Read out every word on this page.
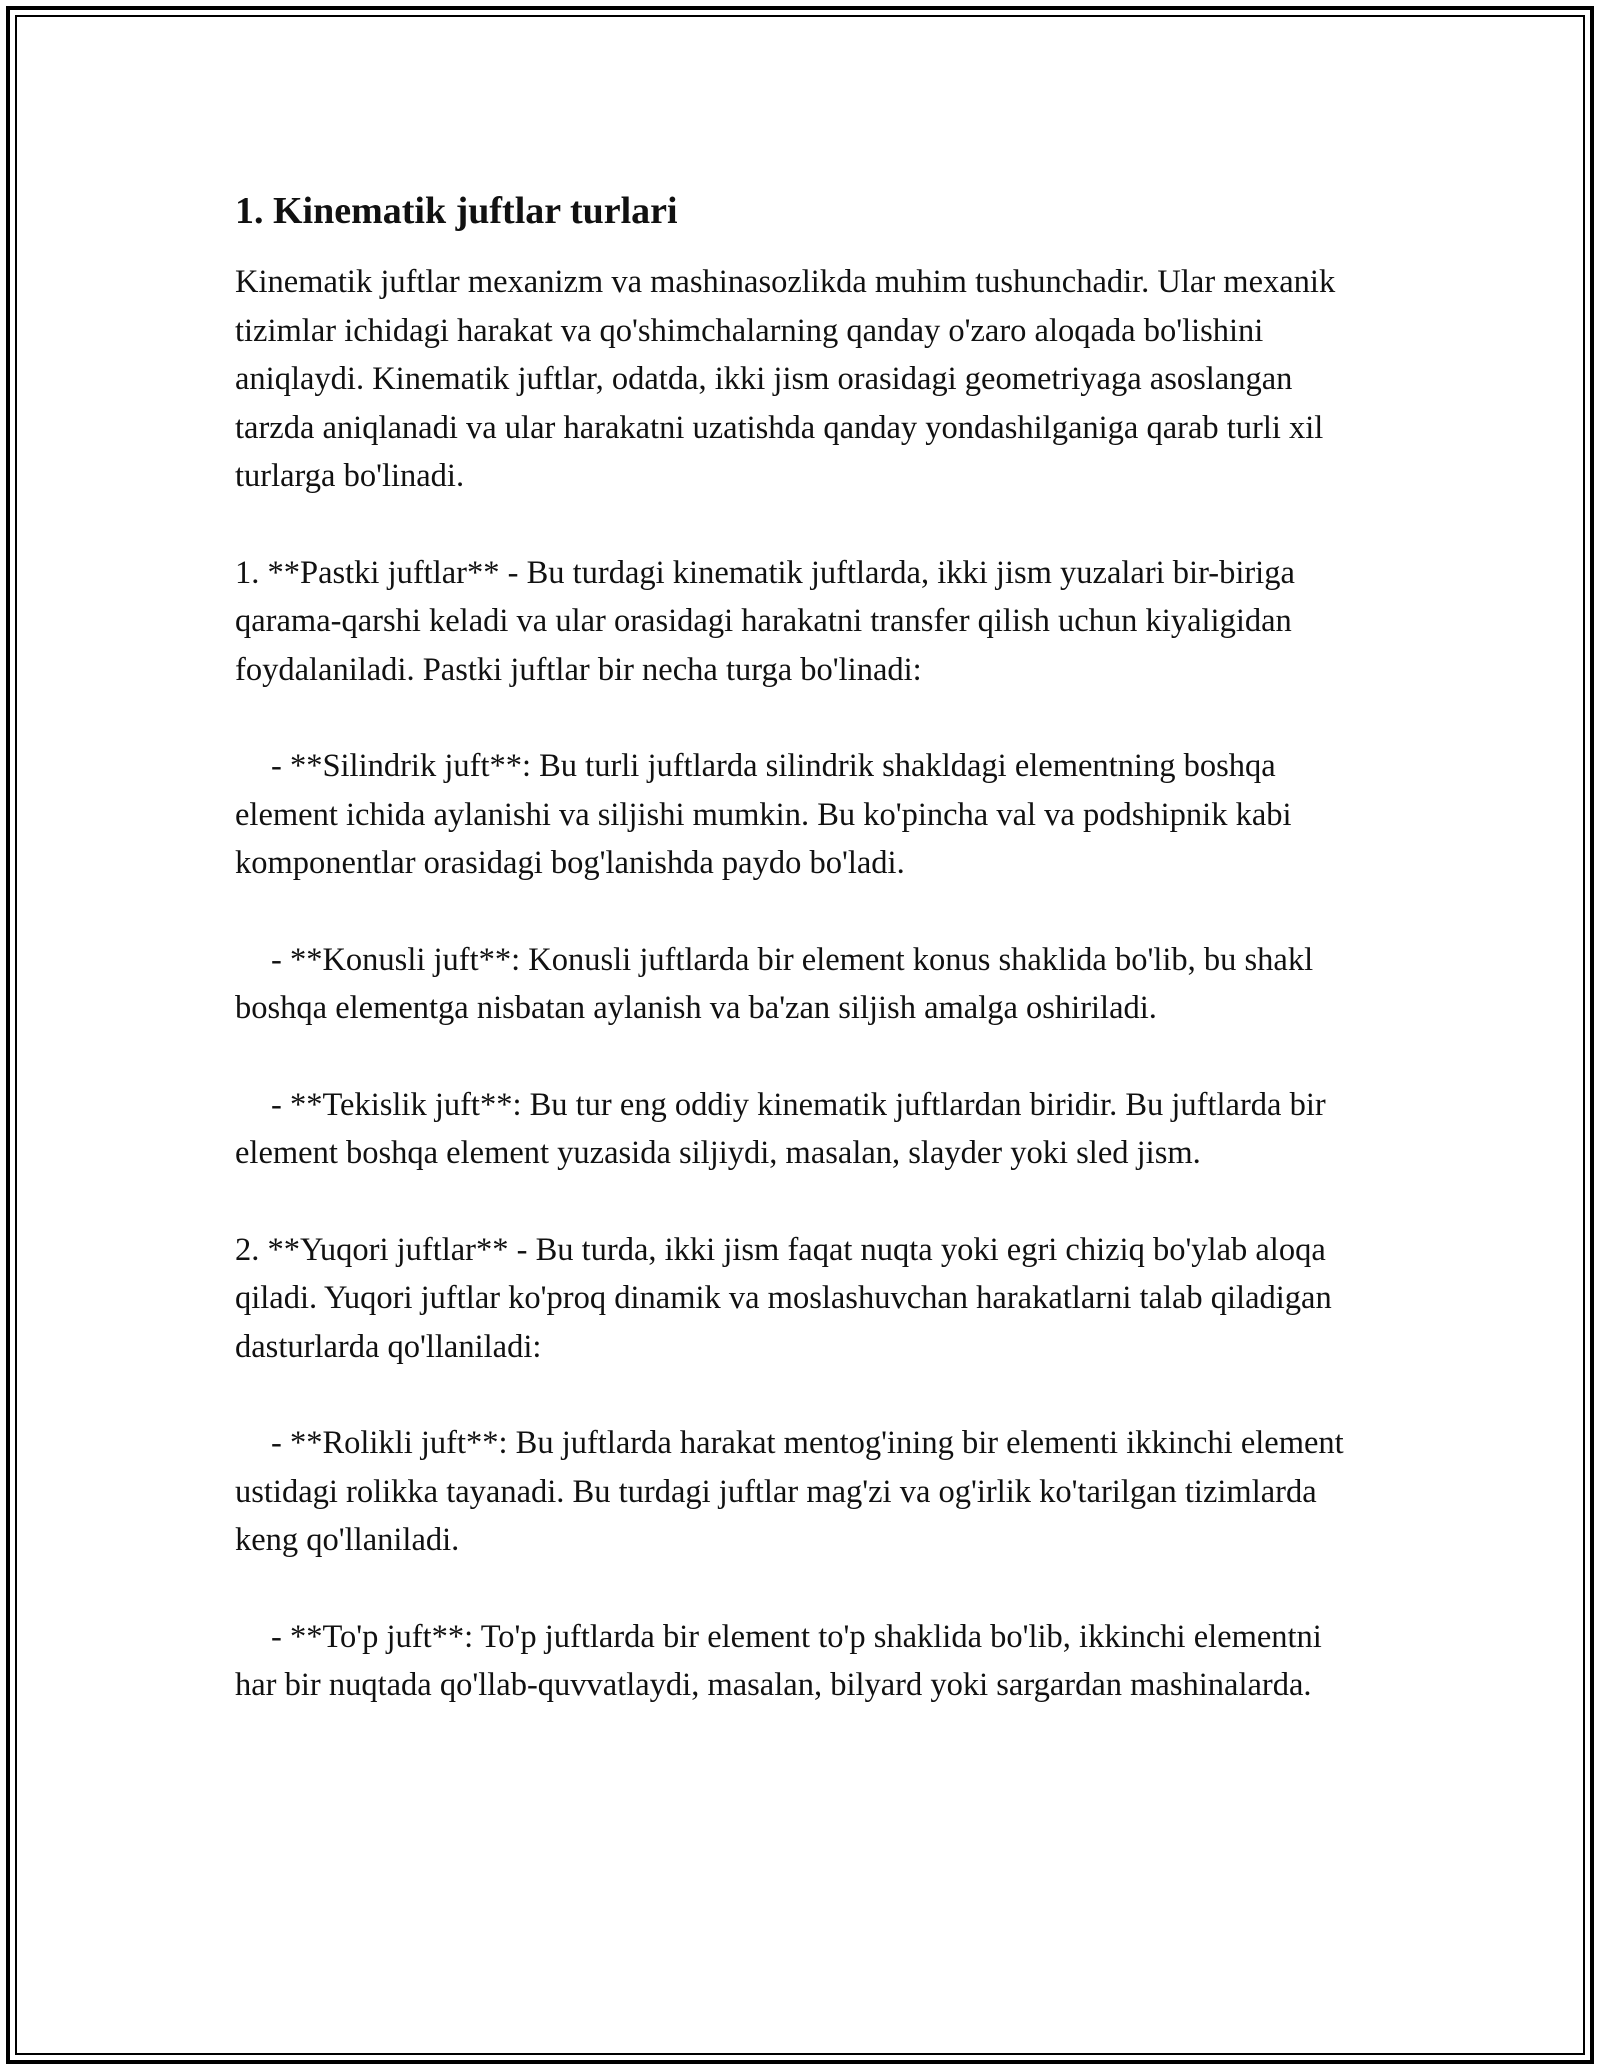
1. Kinematik juftlar turlari

Kinematik juftlar mexanizm va mashinasozlikda muhim tushunchadir. Ular mexanik tizimlar ichidagi harakat va qo'shimchalarning qanday o'zaro aloqada bo'lishini aniqlaydi. Kinematik juftlar, odatda, ikki jism orasidagi geometriyaga asoslangan tarzda aniqlanadi va ular harakatni uzatishda qanday yondashilganiga qarab turli xil turlarga bo'linadi.

1. **Pastki juftlar** - Bu turdagi kinematik juftlarda, ikki jism yuzalari bir-biriga qarama-qarshi keladi va ular orasidagi harakatni transfer qilish uchun kiyaligidan foydalaniladi. Pastki juftlar bir necha turga bo'linadi:

- **Silindrik juft**: Bu turli juftlarda silindrik shakldagi elementning boshqa element ichida aylanishi va siljishi mumkin. Bu ko'pincha val va podshipnik kabi komponentlar orasidagi bog'lanishda paydo bo'ladi.

- **Konusli juft**: Konusli juftlarda bir element konus shaklida bo'lib, bu shakl boshqa elementga nisbatan aylanish va ba'zan siljish amalga oshiriladi.

- **Tekislik juft**: Bu tur eng oddiy kinematik juftlardan biridir. Bu juftlarda bir element boshqa element yuzasida siljiydi, masalan, slayder yoki sled jism.

2. **Yuqori juftlar** - Bu turda, ikki jism faqat nuqta yoki egri chiziq bo'ylab aloqa qiladi. Yuqori juftlar ko'proq dinamik va moslashuvchan harakatlarni talab qiladigan dasturlarda qo'llaniladi:

- **Rolikli juft**: Bu juftlarda harakat mentog'ining bir elementi ikkinchi element ustidagi rolikka tayanadi. Bu turdagi juftlar mag'zi va og'irlik ko'tarilgan tizimlarda keng qo'llaniladi.

- **To'p juft**: To'p juftlarda bir element to'p shaklida bo'lib, ikkinchi elementni har bir nuqtada qo'llab-quvvatlaydi, masalan, bilyard yoki sargardan mashinalarda.
